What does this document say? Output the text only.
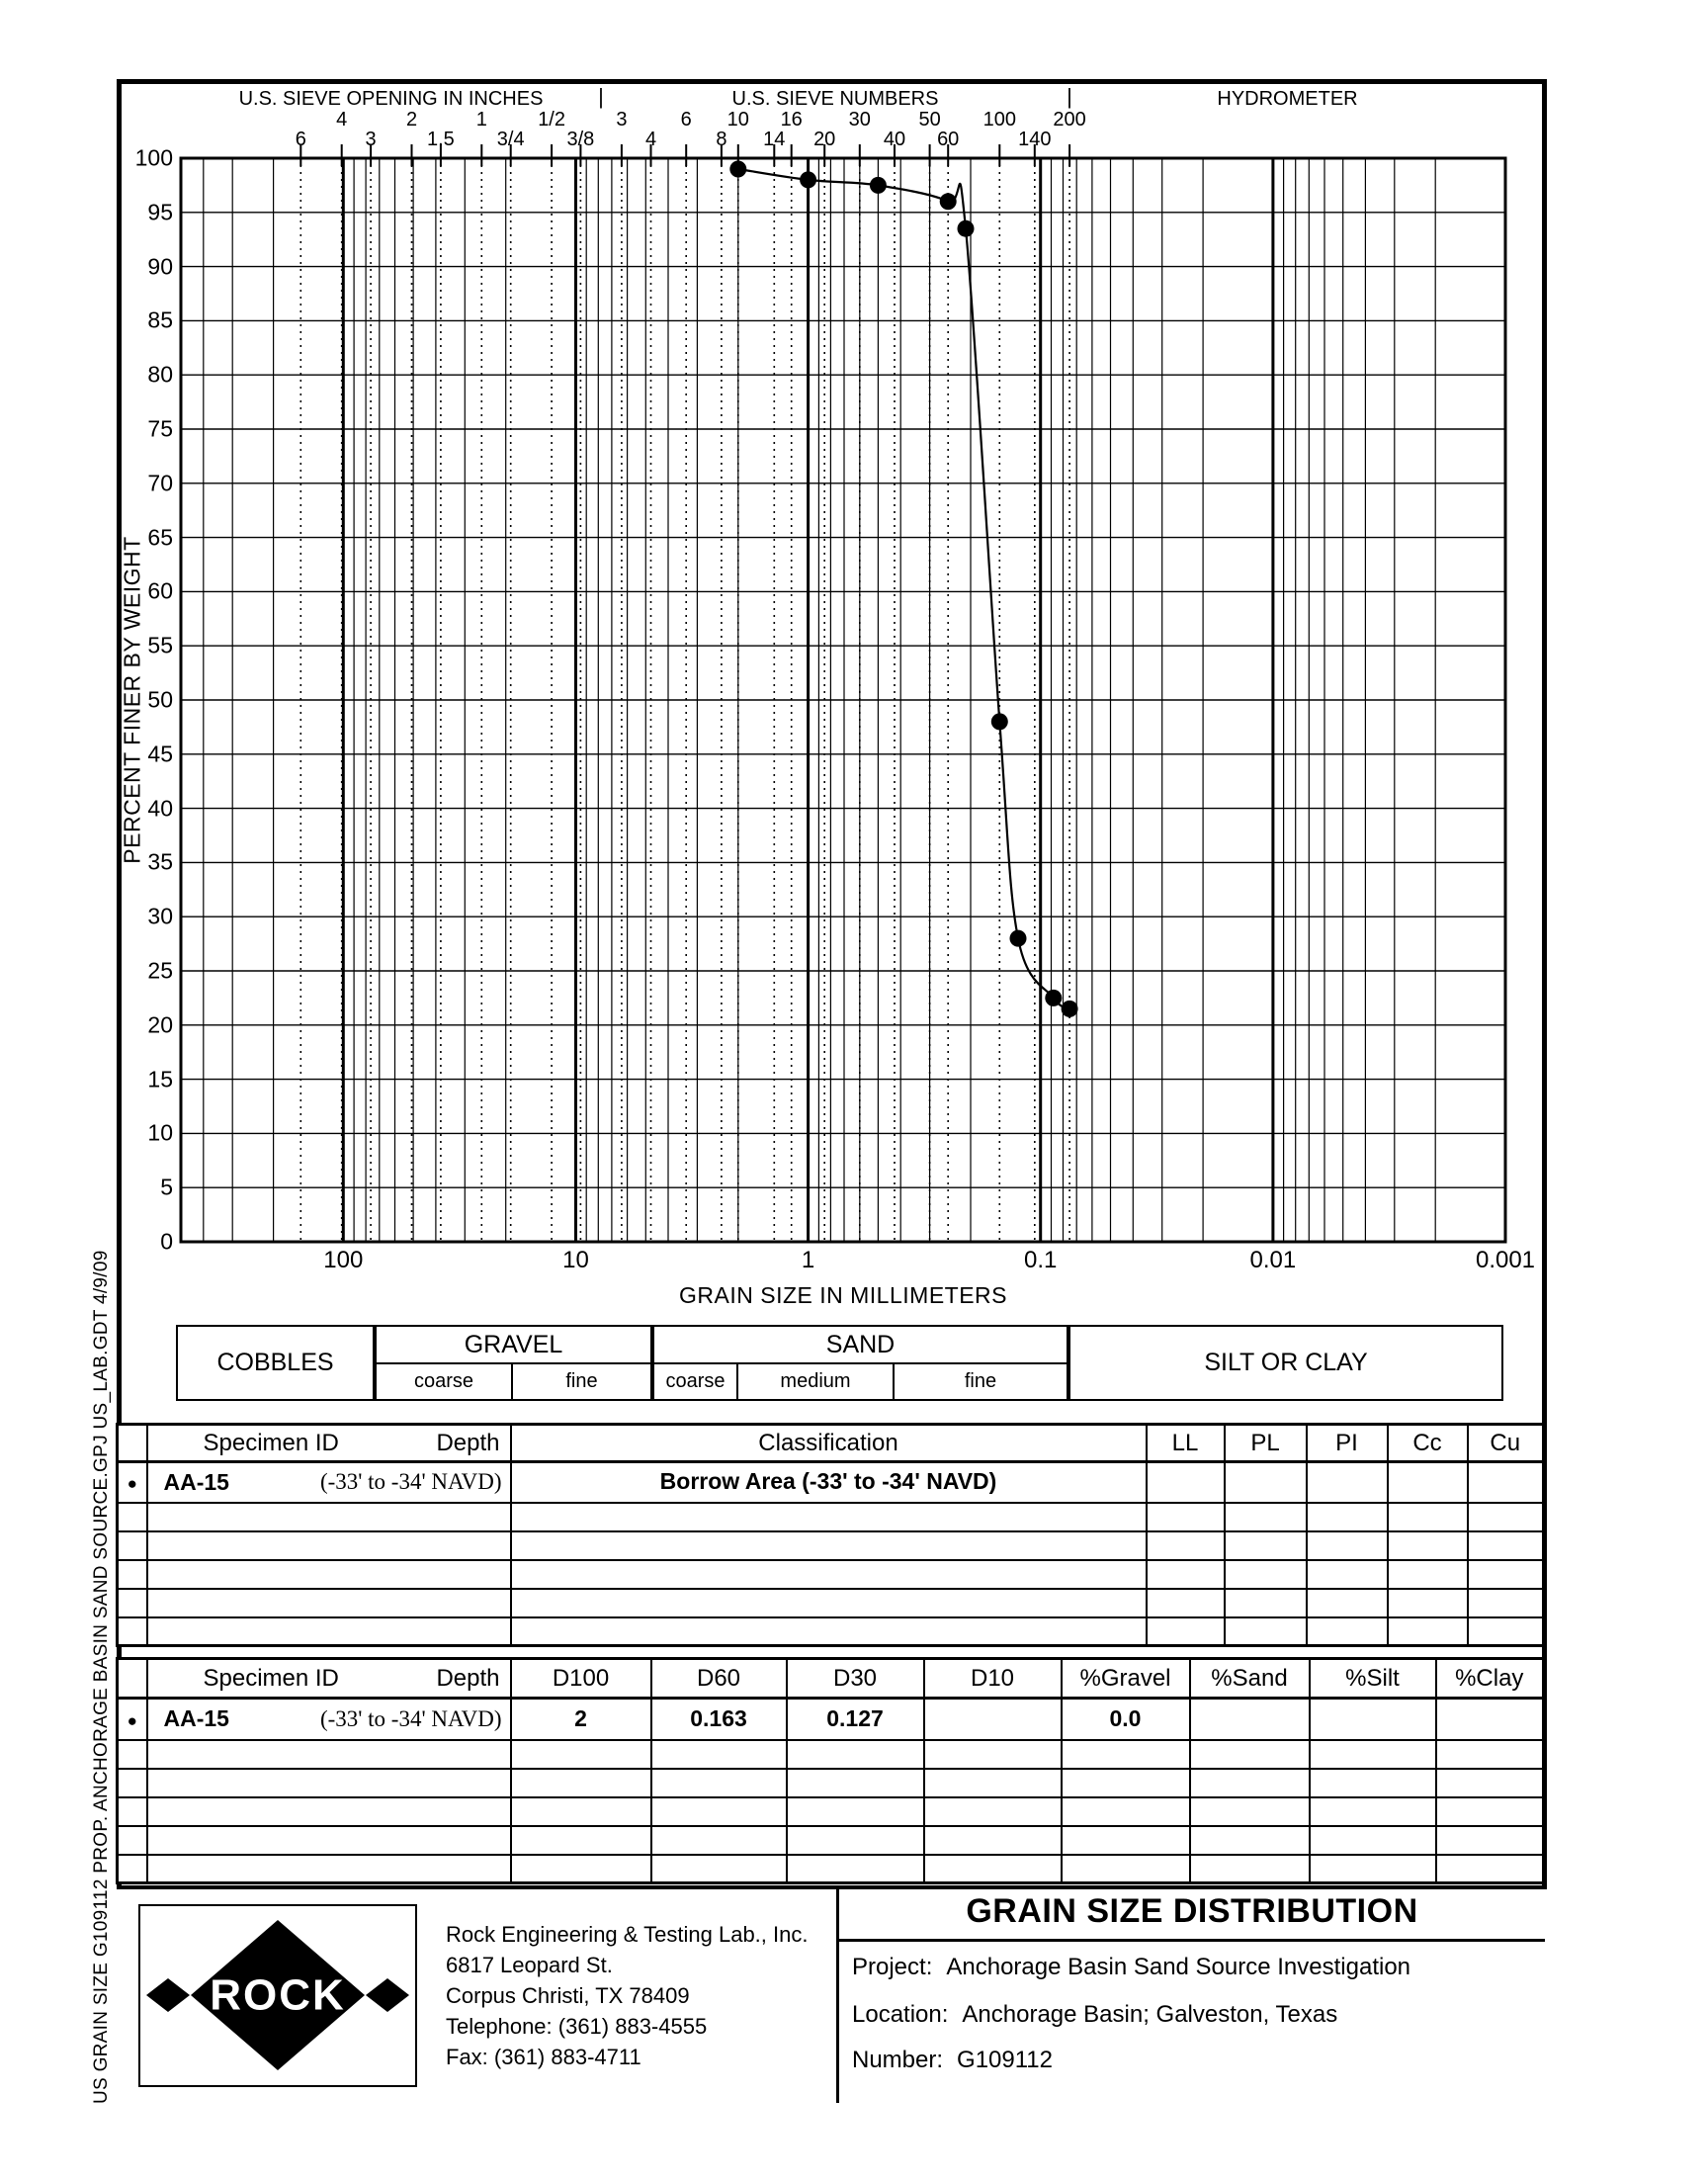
US GRAIN SIZE G109112 PROP. ANCHORAGE BASIN SAND SOURCE.GPJ US_LAB.GDT 4/9/09
U.S. SIEVE OPENING IN INCHES	|	U.S. SIEVE NUMBERS	|	HYDROMETER
6
4
3
2
1.5
1
3/4
1/2
3/8
3
4
6
8
10
14
16
20
30
40
50
60
100
140
200
100
95
90
85
80
75
70
65
60
55
50
45
40
35
30
25
20
15
10
5
0
100	10	1	0.1	0.01	0.001
PERCENT FINER BY WEIGHT
GRAIN SIZE IN MILLIMETERS
COBBLES
GRAVEL
coarse	fine
SAND
coarse	medium	fine
SILT OR CLAY

	Specimen ID Depth	Classification	LL	PL	PI	Cc	Cu
●	AA-15 (-33' to -34' NAVD)	Borrow Area (-33' to -34' NAVD)					

	Specimen ID Depth	D100	D60	D30	D10	%Gravel	%Sand	%Silt	%Clay
●	AA-15 (-33' to -34' NAVD)	2	0.163	0.127		0.0			

ROCK
Rock Engineering & Testing Lab., Inc.
6817 Leopard St.
Corpus Christi, TX 78409
Telephone: (361) 883-4555
Fax: (361) 883-4711
GRAIN SIZE DISTRIBUTION
Project: Anchorage Basin Sand Source Investigation
Location: Anchorage Basin; Galveston, Texas
Number: G109112
